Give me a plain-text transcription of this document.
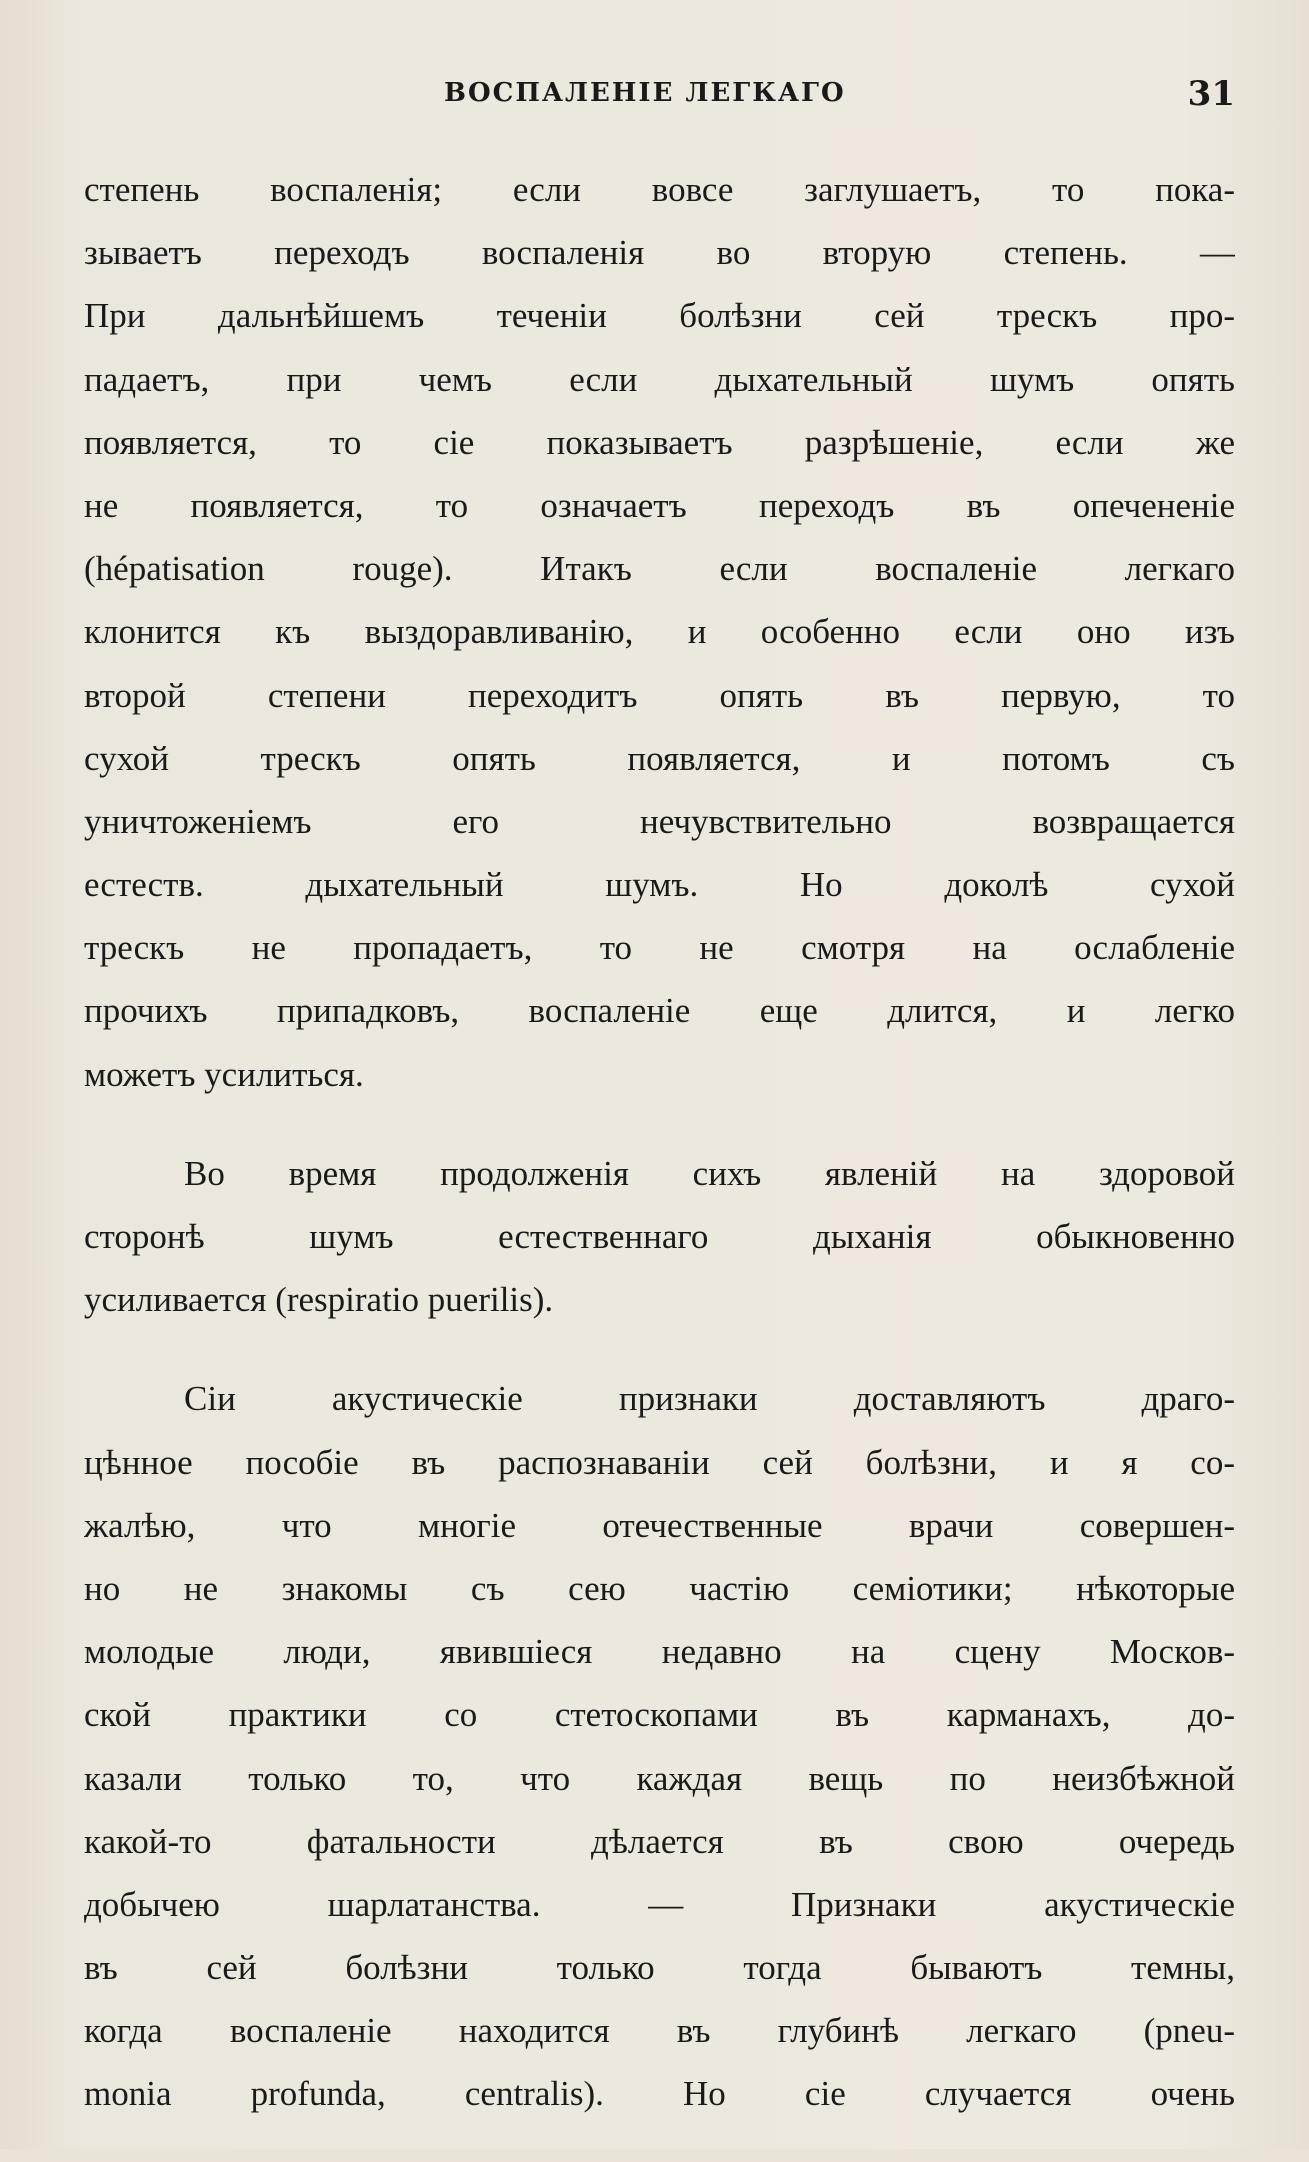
ВОСПАЛЕНІЕ ЛЕГКАГО	31
степень воспаленія; если вовсе заглушаетъ, то пока-
зываетъ переходъ воспаленія во вторую степень. —
При дальнѣйшемъ теченіи болѣзни сей трескъ про-
падаетъ, при чемъ если дыхательный шумъ опять
появляется, то сіе показываетъ разрѣшеніе, если же
не появляется, то означаетъ переходъ въ опечененіе
(hépatisation rouge). Итакъ если воспаленіе легкаго
клонится къ выздоравливанію, и особенно если оно изъ
второй степени переходитъ опять въ первую, то
сухой трескъ опять появляется, и потомъ съ
уничтоженіемъ его нечувствительно возвращается
естеств. дыхательный шумъ. Но доколѣ сухой
трескъ не пропадаетъ, то не смотря на ослабленіе
прочихъ припадковъ, воспаленіе еще длится, и легко
можетъ усилиться.
Во время продолженія сихъ явленій на здоровой
сторонѣ шумъ естественнаго дыханія обыкновенно
усиливается (respiratio puerilis).
Сіи акустическіе признаки доставляютъ драго-
цѣнное пособіе въ распознаваніи сей болѣзни, и я со-
жалѣю, что многіе отечественные врачи совершен-
но не знакомы съ сею частію семіотики; нѣкоторые
молодые люди, явившіеся недавно на сцену Москов-
ской практики со стетоскопами въ карманахъ, до-
казали только то, что каждая вещь по неизбѣжной
какой-то фатальности дѣлается въ свою очередь
добычею шарлатанства. — Признаки акустическіе
въ сей болѣзни только тогда бываютъ темны,
когда воспаленіе находится въ глубинѣ легкаго (pneu-
monia profunda, centralis). Но сіе случается очень
